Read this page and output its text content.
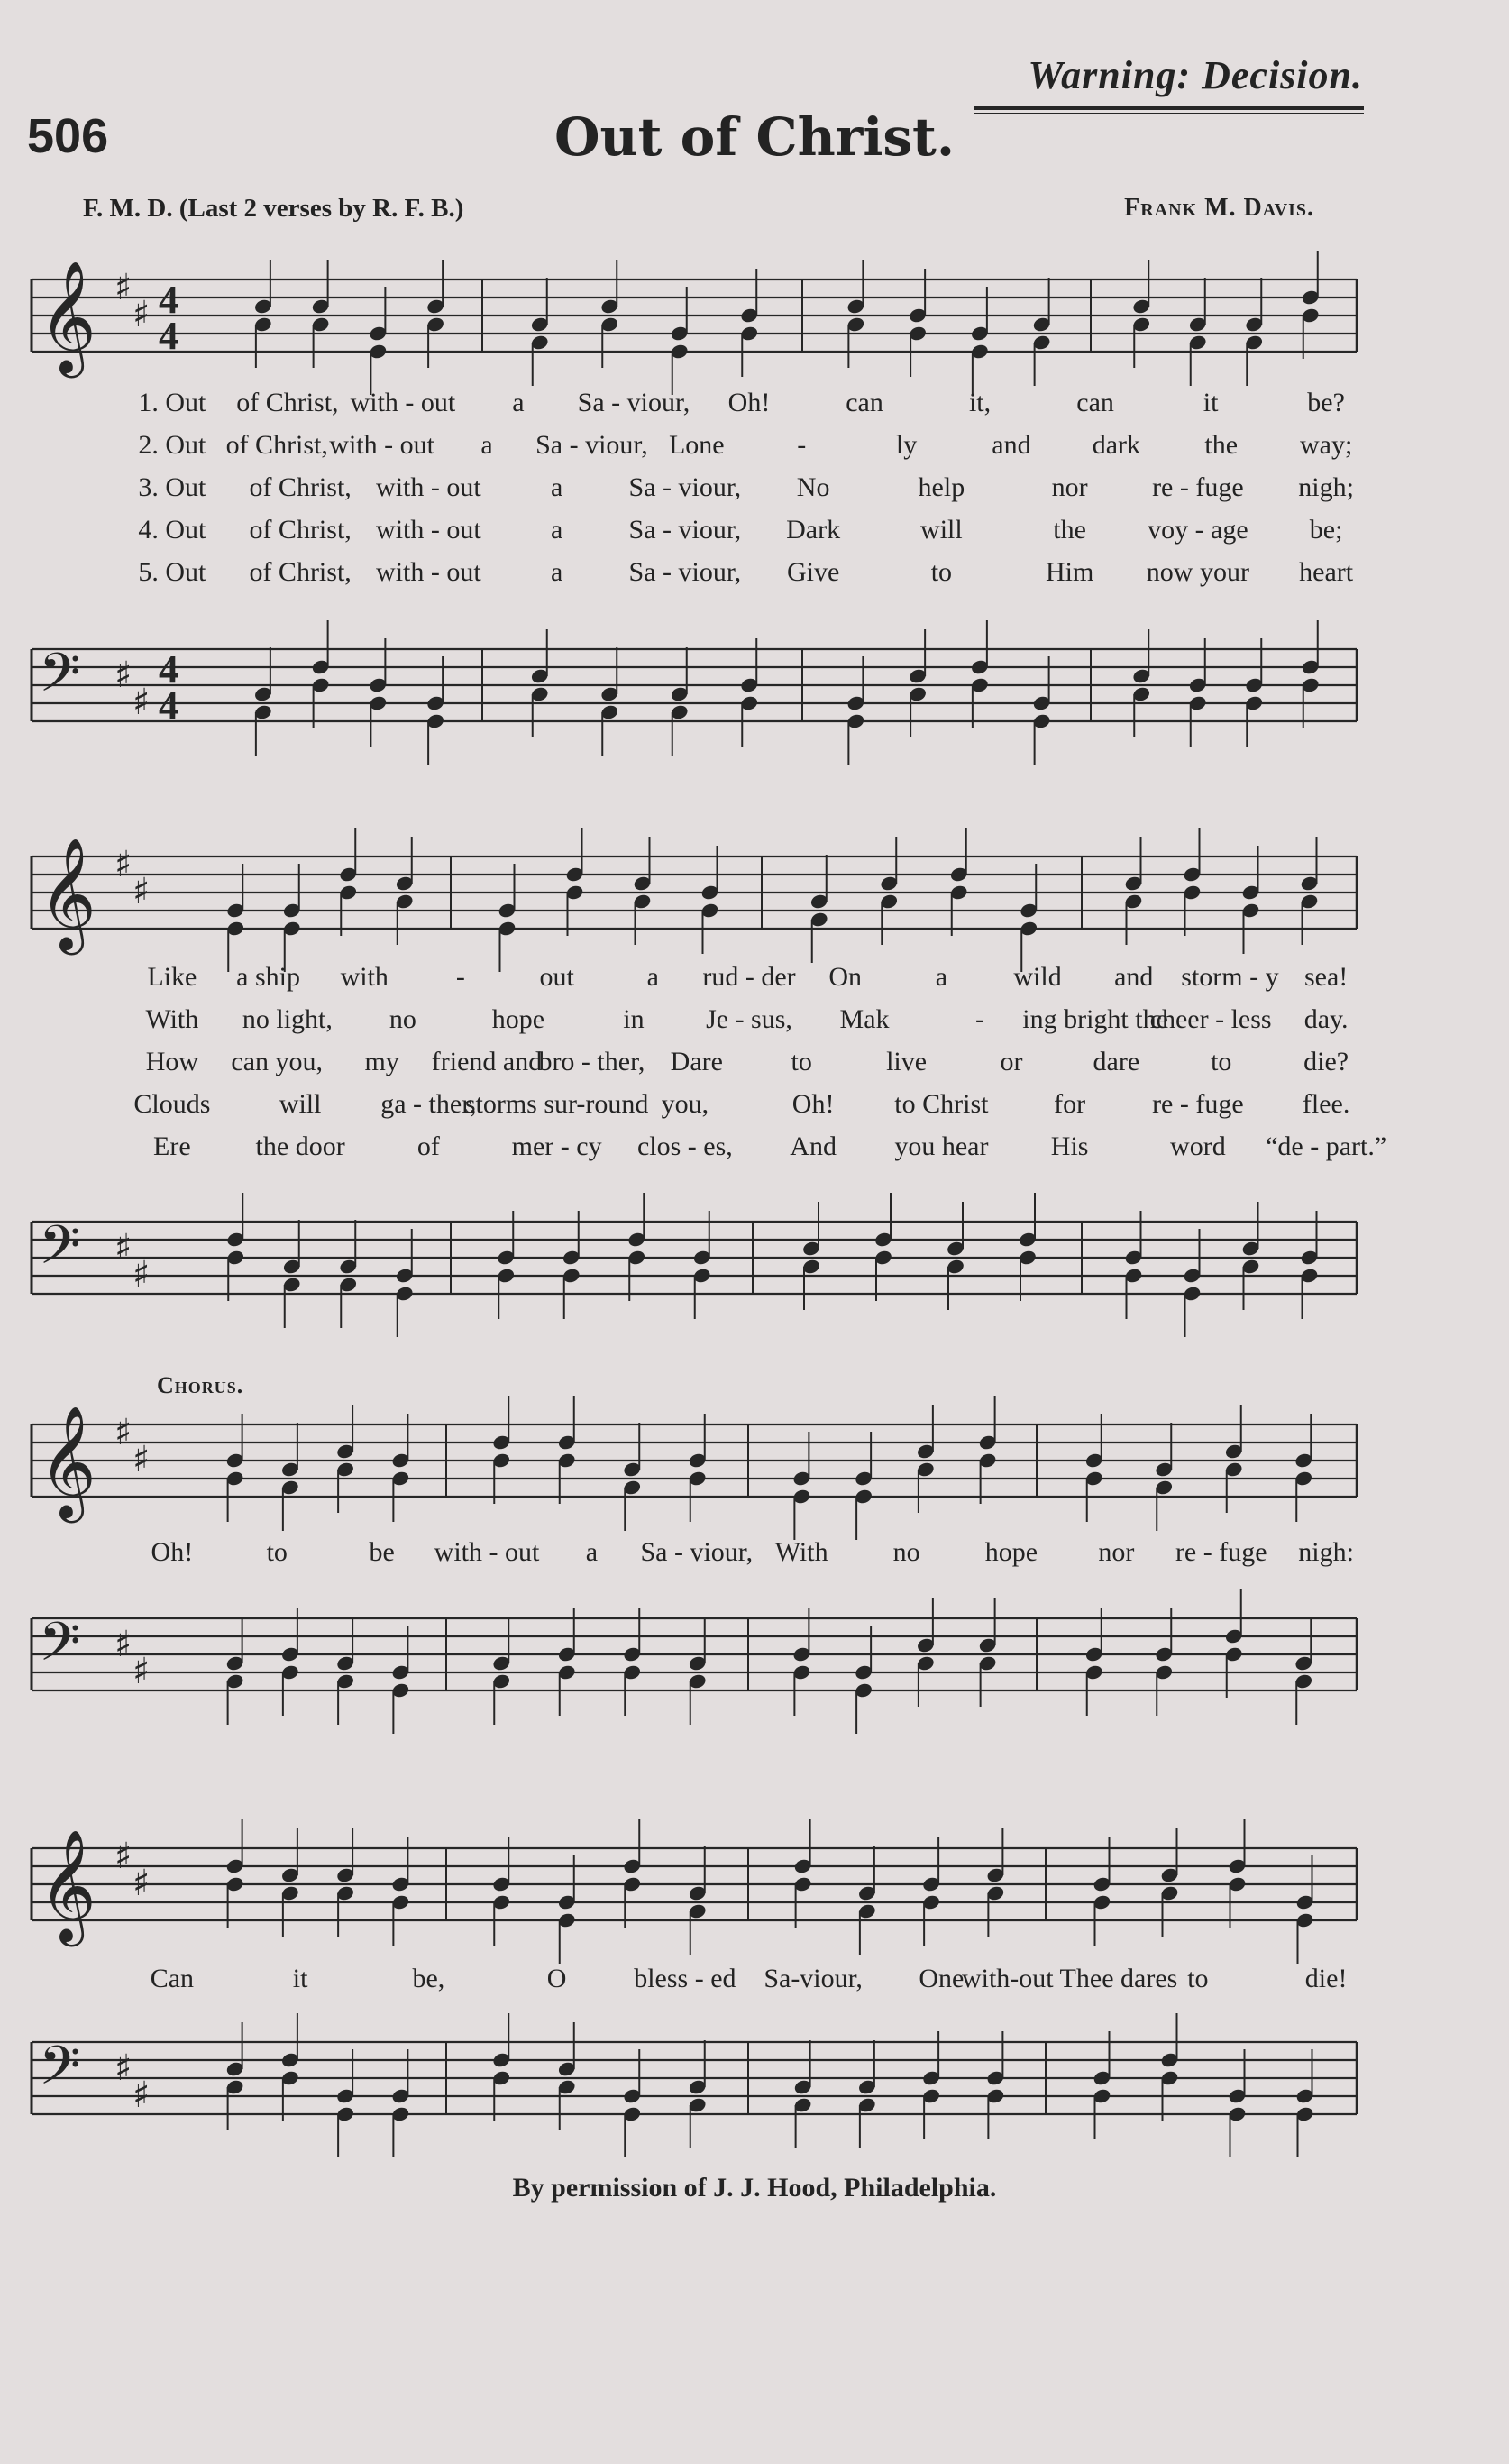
Warning: Decision.
506	Out of Christ.
F. M. D. (Last 2 verses by R. F. B.)	Frank M. Davis.
𝄞 ♯
♯ 4
4
1. Out of Christ, with - out a Sa - viour, Oh!	can	it,	can	it	be?
2. Out of Christ, with - out a Sa - viour, Lone	-	ly	and dark the way;
3. Out of Christ, with - out	a Sa - viour, No	help	nor re - fuge nigh;
4. Out of Christ, with - out	a Sa - viour, Dark	will	the voy - age be;
5. Out of Christ, with - out	a Sa - viour, Give	to	Him now your heart
𝄢 ♯
♯
4
4
𝄞 ♯
♯
Like a ship with	-	out	a rud - der On	a wild and storm - y sea!
With no light, no	hope	in Je - sus, Mak	- ing bright the
cheer - less day.
How can you, my friend and
bro - ther, Dare	to	live	or	dare	to	die?
Clouds	will ga - ther,
storms sur-round you,	Oh! to Christ for re - fuge flee.
Ere the door	of	mer - cy clos - es, And you hear His	word “de - part.”
𝄢 ♯
♯
Chorus.
𝄞 ♯
♯
Oh!	to	be with - out a Sa - viour, With no hope nor re - fuge nigh:
𝄢 ♯
♯
𝄞 ♯
♯
Can	it	be,	O bless - ed Sa-viour, One
with-out Thee dares to	die!
𝄢 ♯
♯
By permission of J. J. Hood, Philadelphia.
